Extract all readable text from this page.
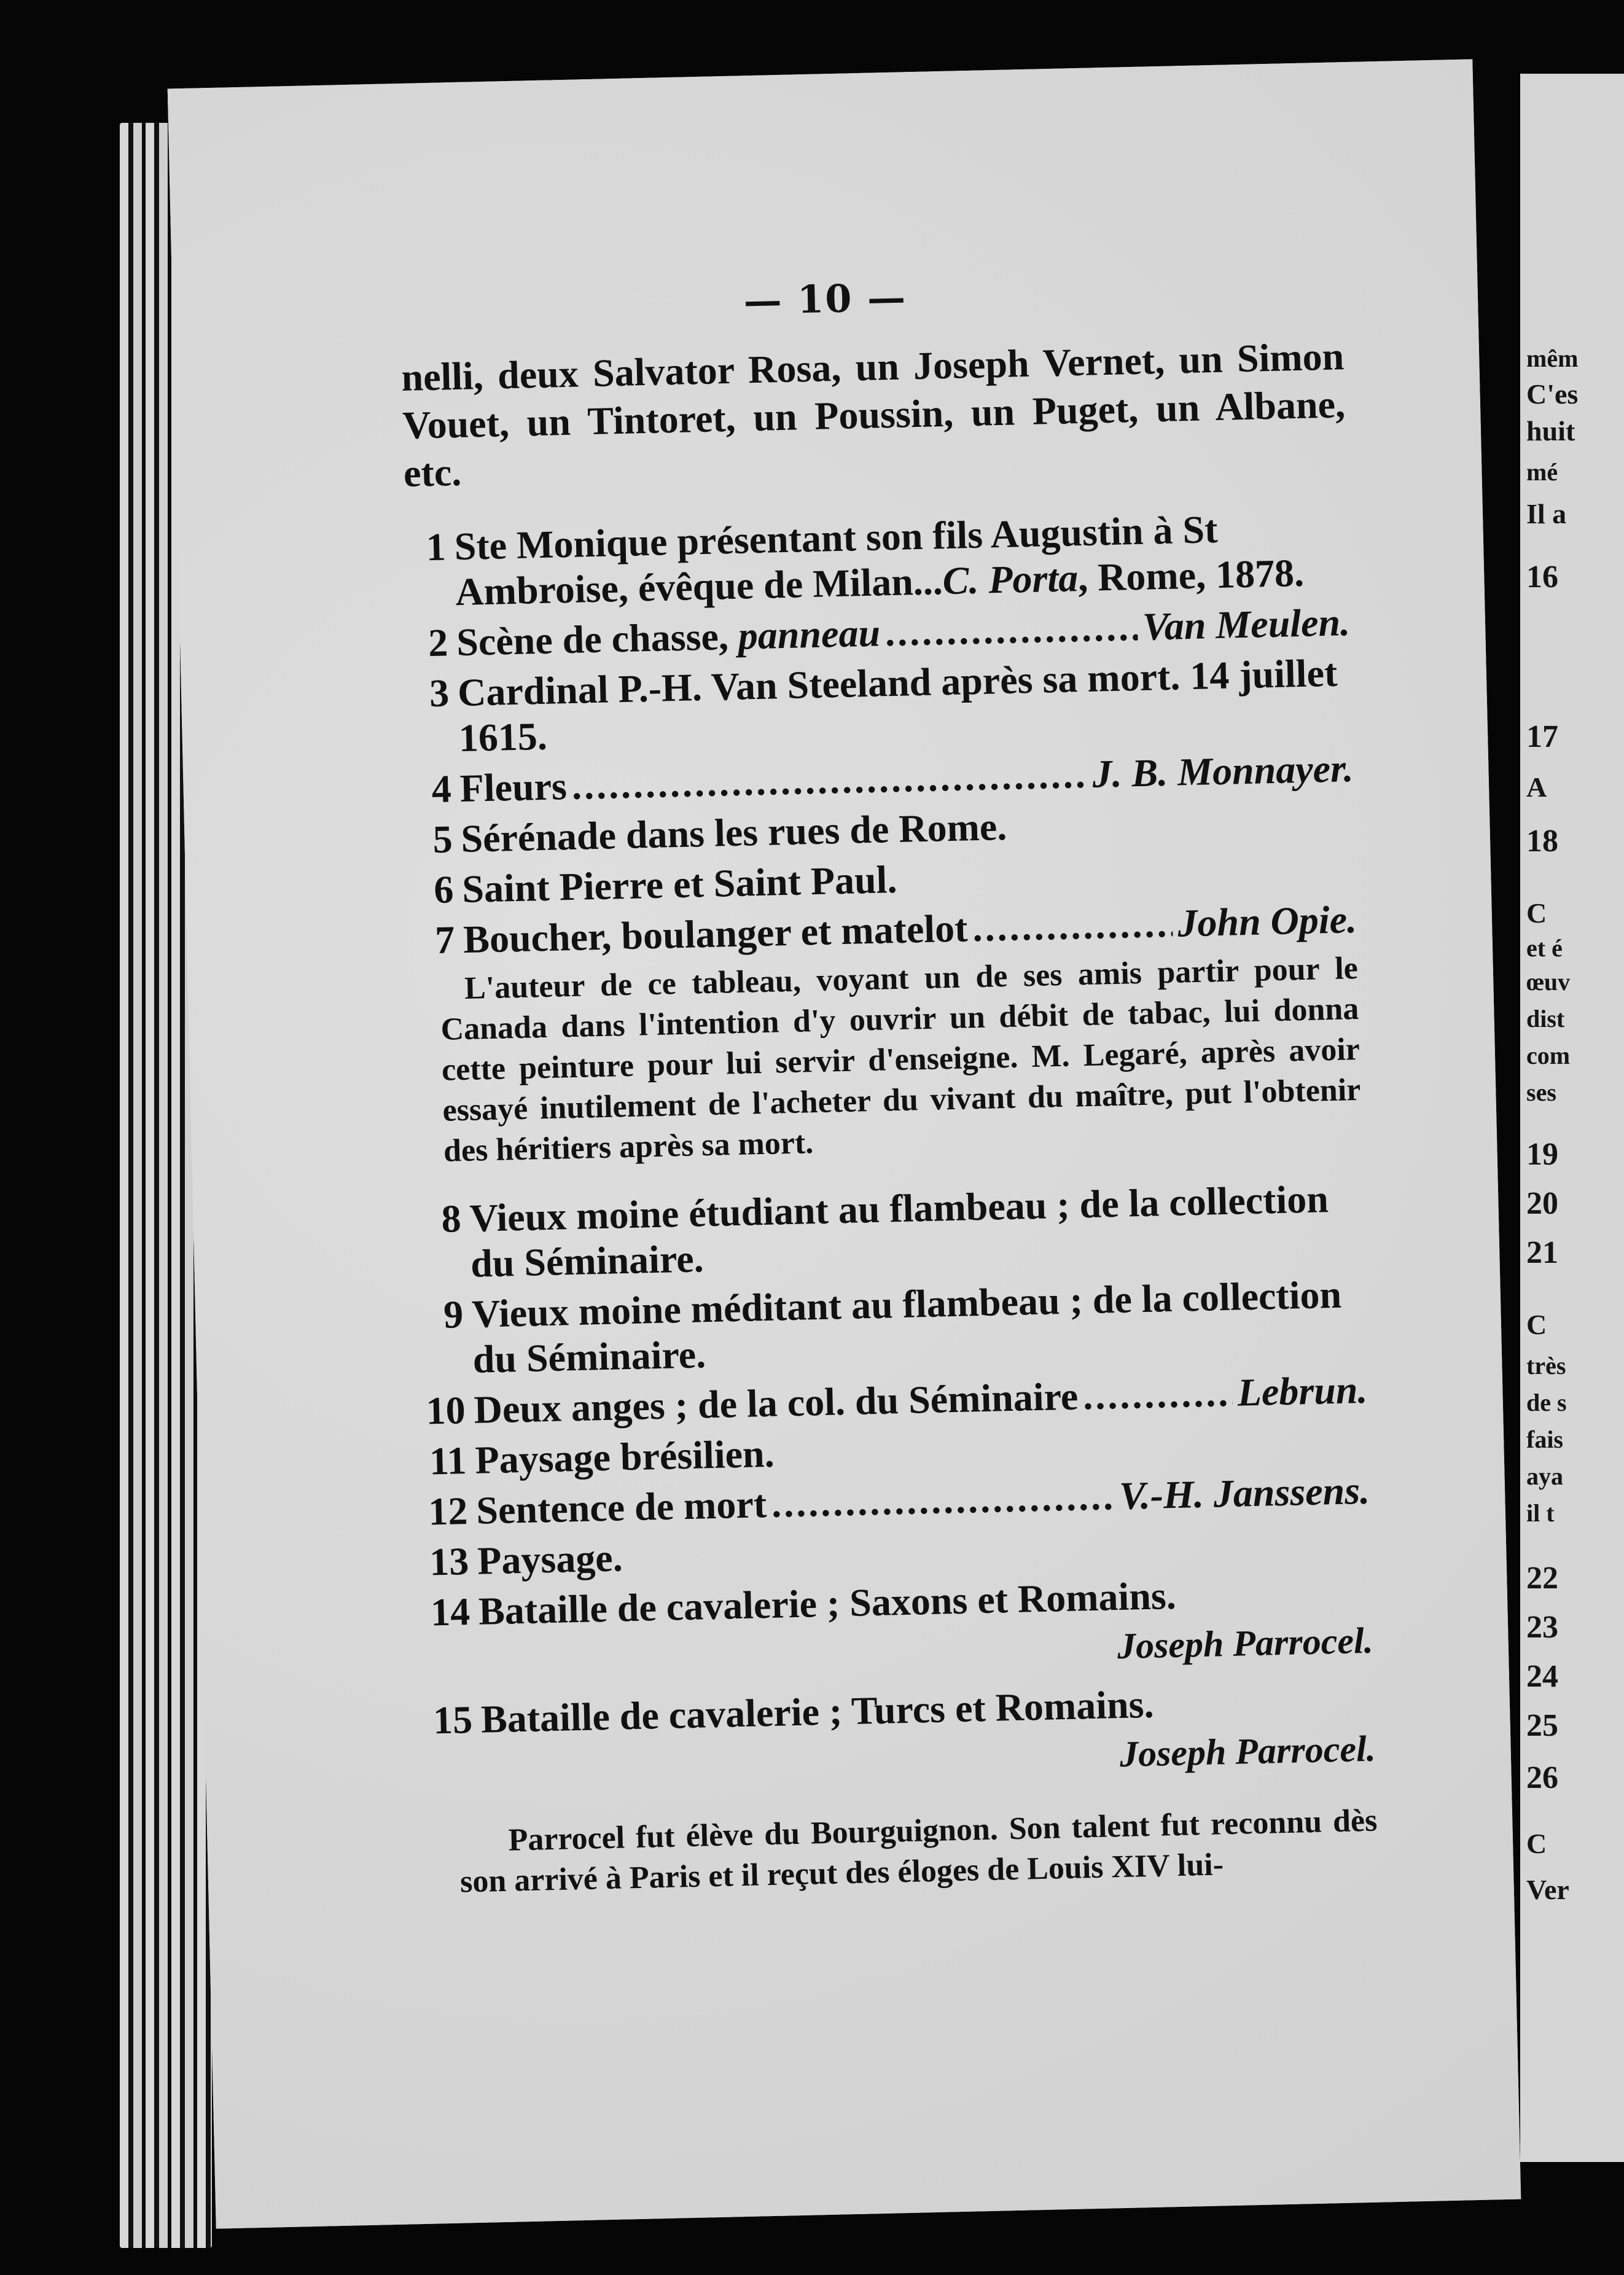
mêm
C'es
huit
mé
Il a
16
17
A
18
C
et é
œuv
dist
com
ses
19
20
21
C
très
de s
fais
aya
il t
22
23
24
25
26
C
Ver
— 10 —

nelli, deux Salvator Rosa, un Joseph Vernet, un Simon Vouet, un Tintoret, un Poussin, un Puget, un Albane, etc.

1 Ste Monique présentant son fils Augustin à St Ambroise, évêque de Milan...C. Porta, Rome, 1878.
2 Scène de chasse, panneau . . .	Van Meulen.
3 Cardinal P.-H. Van Steeland après sa mort. 14 juillet 1615.
4 Fleurs . . .	J. B. Monnayer.
5 Sérénade dans les rues de Rome.
6 Saint Pierre et Saint Paul.
7 Boucher, boulanger et matelot . . .	John Opie.

L'auteur de ce tableau, voyant un de ses amis partir pour le Canada dans l'intention d'y ouvrir un débit de tabac, lui donna cette peinture pour lui servir d'enseigne. M. Legaré, après avoir essayé inutilement de l'acheter du vivant du maître, put l'obtenir des héritiers après sa mort.

8 Vieux moine étudiant au flambeau ; de la collection du Séminaire.
9 Vieux moine méditant au flambeau ; de la collection du Séminaire.
10 Deux anges ; de la col. du Séminaire . . .	Lebrun.
11 Paysage brésilien.
12 Sentence de mort . . .	V.-H. Janssens.
13 Paysage.
14 Bataille de cavalerie ; Saxons et Romains.
Joseph Parrocel.
15 Bataille de cavalerie ; Turcs et Romains.
Joseph Parrocel.

Parrocel fut élève du Bourguignon. Son talent fut reconnu dès son arrivé à Paris et il reçut des éloges de Louis XIV lui-
